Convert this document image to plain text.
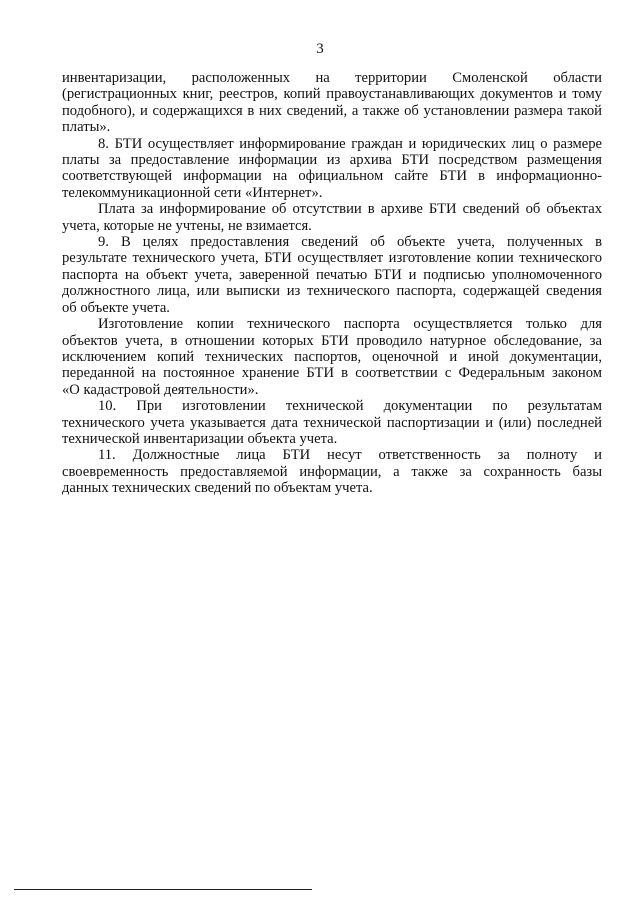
3
инвентаризации, расположенных на территории Смоленской области
(регистрационных книг, реестров, копий правоустанавливающих документов и тому
подобного), и содержащихся в них сведений, а также об установлении размера такой
платы».
8. БТИ осуществляет информирование граждан и юридических лиц о размере
платы за предоставление информации из архива БТИ посредством размещения
соответствующей информации на официальном сайте БТИ в информационно-
телекоммуникационной сети «Интернет».
Плата за информирование об отсутствии в архиве БТИ сведений об объектах
учета, которые не учтены, не взимается.
9. В целях предоставления сведений об объекте учета, полученных в
результате технического учета, БТИ осуществляет изготовление копии технического
паспорта на объект учета, заверенной печатью БТИ и подписью уполномоченного
должностного лица, или выписки из технического паспорта, содержащей сведения
об объекте учета.
Изготовление копии технического паспорта осуществляется только для
объектов учета, в отношении которых БТИ проводило натурное обследование, за
исключением копий технических паспортов, оценочной и иной документации,
переданной на постоянное хранение БТИ в соответствии с Федеральным законом
«О кадастровой деятельности».
10. При изготовлении технической документации по результатам
технического учета указывается дата технической паспортизации и (или) последней
технической инвентаризации объекта учета.
11. Должностные лица БТИ несут ответственность за полноту и
своевременность предоставляемой информации, а также за сохранность базы
данных технических сведений по объектам учета.
